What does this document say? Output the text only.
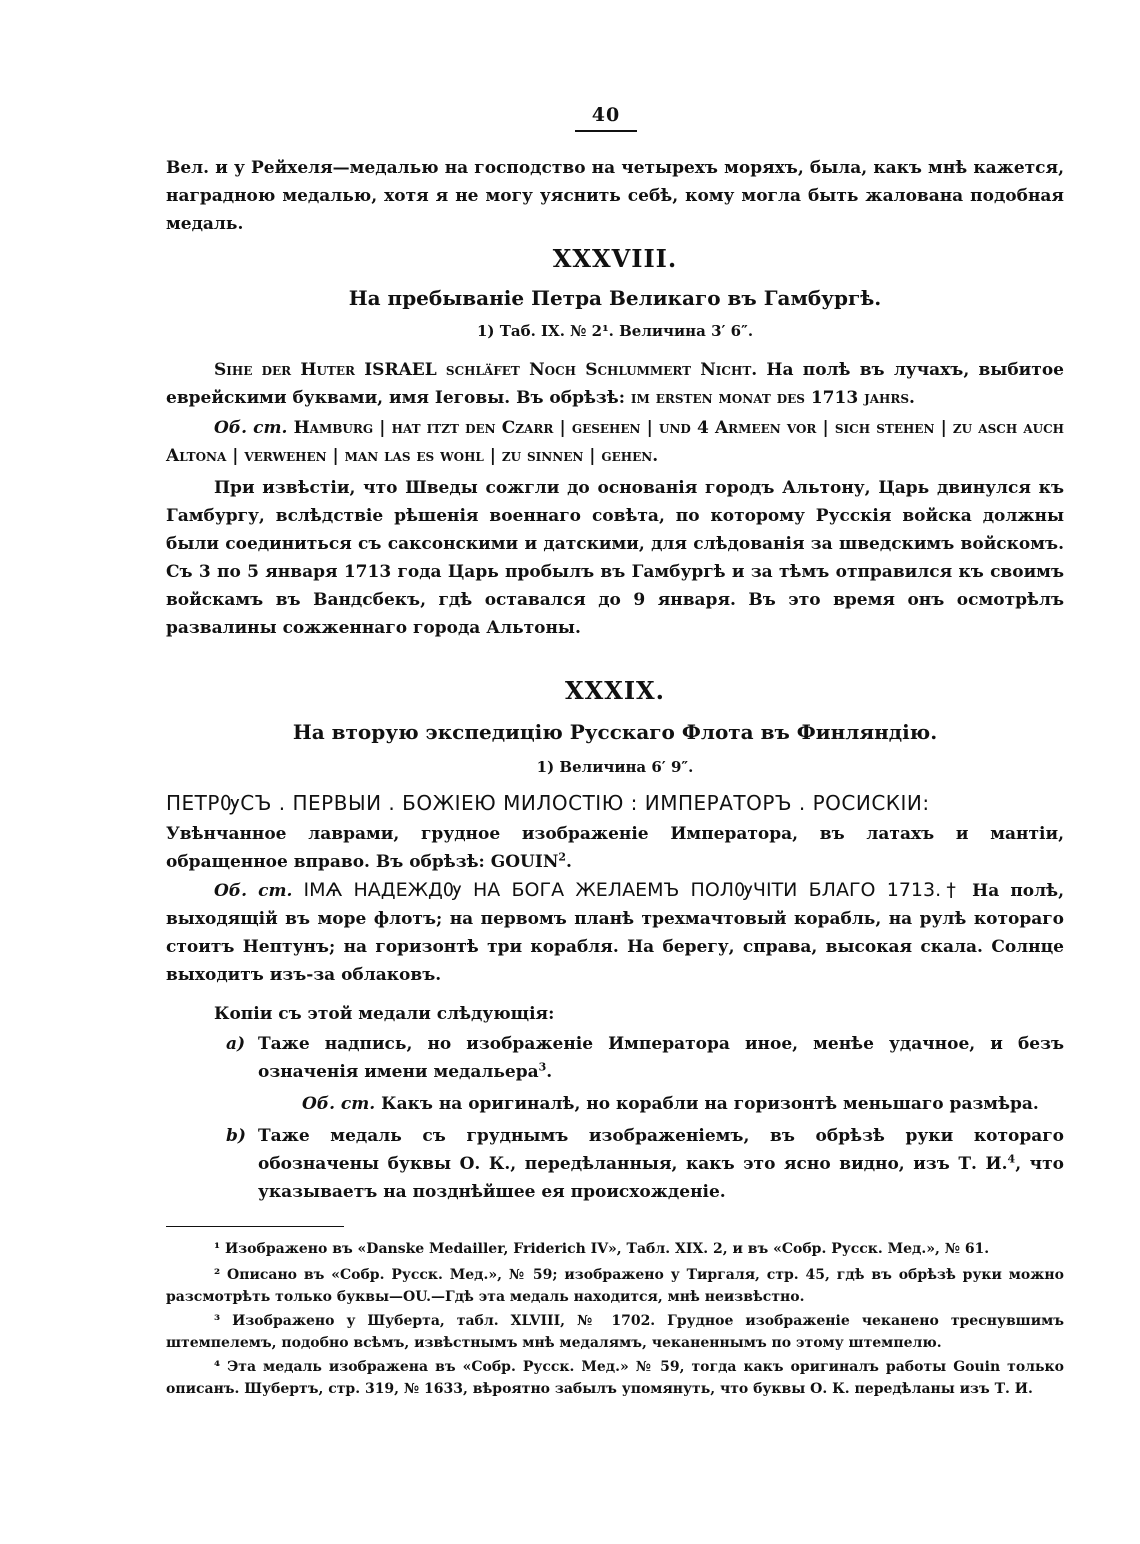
40

Вел. и у Рейхеля—медалью на господство на четырехъ моряхъ, была, какъ мнѣ кажется, наградною медалью, хотя я не могу уяснить себѣ, кому могла быть жалована подобная медаль.

XXXVIII.
На пребываніе Петра Великаго въ Гамбургѣ.
1) Таб. IX. № 2¹. Величина 3′ 6″.

Sihe der Huter ISRAEL schläfet Noch Schlummert Nicht. На полѣ въ лучахъ, выбитое еврейскими буквами, имя Іеговы. Въ обрѣзѣ: im ersten monat des 1713 jahrs.

Об. ст. Hamburg | hat itzt den Czarr | gesehen | und 4 Armeen vor | sich stehen | zu asch auch Altona | verwehen | man las es wohl | zu sinnen | gehen.

При извѣстіи, что Шведы сожгли до основанія городъ Альтону, Царь двинулся къ Гамбургу, вслѣдствіе рѣшенія военнаго совѣта, по которому Русскія войска должны были соединиться съ саксонскими и датскими, для слѣдованія за шведскимъ войскомъ. Съ 3 по 5 января 1713 года Царь пробылъ въ Гамбургѣ и за тѣмъ отправился къ своимъ войскамъ въ Вандсбекъ, гдѣ оставался до 9 января. Въ это время онъ осмотрѣлъ развалины сожженнаго города Альтоны.

XXXIX.
На вторую экспедицію Русскаго Флота въ Финляндію.
1) Величина 6′ 9″.
ПЕТРѸСЪ . ПЕРВЫИ . БОЖІЕЮ МИЛОСТІЮ : ИМПЕРАТОРЪ . РОСИСКІИ:

Увѣнчанное лаврами, грудное изображеніе Императора, въ латахъ и мантіи, обращенное вправо. Въ обрѣзѣ: GOUIN$^2$.

Об. ст. IМѦ НАДЕЖДѸ НА БОГА ЖЕЛАЕМЪ ПОЛѸЧІТИ БЛАГО 1713.† На полѣ, выходящій въ море флотъ; на первомъ планѣ трехмачтовый корабль, на рулѣ котораго стоитъ Нептунъ; на горизонтѣ три корабля. На берегу, справа, высокая скала. Солнце выходитъ изъ-за облаковъ.

Копіи съ этой медали слѣдующія:

a) Таже надпись, но изображеніе Императора иное, менѣе удачное, и безъ означенія имени медальера$^3$.

Об. ст. Какъ на оригиналѣ, но корабли на горизонтѣ меньшаго размѣра.

b) Таже медаль съ груднымъ изображеніемъ, въ обрѣзѣ руки котораго обозначены буквы О. К., передѣланныя, какъ это ясно видно, изъ Т. И.$^4$, что указываетъ на позднѣйшее ея происхожденіе.

¹ Изображено въ «Danske Medailler, Friderich IV», Табл. XIX. 2, и въ «Собр. Русск. Мед.», № 61.

² Описано въ «Собр. Русск. Мед.», № 59; изображено у Тиргаля, стр. 45, гдѣ въ обрѣзѣ руки можно разсмотрѣть только буквы—OU.—Гдѣ эта медаль находится, мнѣ неизвѣстно.

³ Изображено у Шуберта, табл. XLVIII, № 1702. Грудное изображеніе чеканено треснувшимъ штемпелемъ, подобно всѣмъ, извѣстнымъ мнѣ медалямъ, чеканеннымъ по этому штемпелю.

⁴ Эта медаль изображена въ «Собр. Русск. Мед.» № 59, тогда какъ оригиналъ работы Gouin только описанъ. Шубертъ, стр. 319, № 1633, вѣроятно забылъ упомянуть, что буквы О. К. передѣланы изъ Т. И.
